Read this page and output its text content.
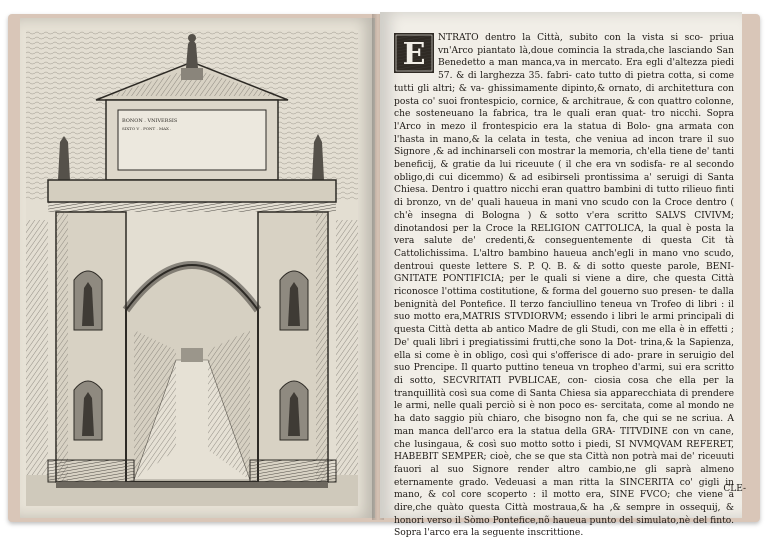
BONON . VNIVERSIS
SIXTO V . PONT . MAX .
E	NTRATO dentro la Città, subito con la vista si sco- priua vn'Arco piantato là,doue comincia la strada,che lasciando San Benedetto a man manca,va in mercato. Era egli d'altezza piedi 57. & di larghezza 35. fabri- cato tutto di pietra cotta, si come tutti gli altri; & va- ghissimamente dipinto,& ornato, di architettura con posta co' suoi frontespicio, cornice, & architraue, & con quattro colonne, che sosteneuano la fabrica, tra le quali eran quat- tro nicchi. Sopra l'Arco in mezo il frontespicio era la statua di Bolo- gna armata con l'hasta in mano,& la celata in testa, che veniua ad incon trare il suo Signore ,& ad inchinarseli con mostrar la memoria, ch'ella tiene de' tanti beneficij, & gratie da lui riceuute ( il che era vn sodisfa- re al secondo obligo,di cui dicemmo) & ad esibirseli prontissima a' seruigi di Santa Chiesa. Dentro i quattro nicchi eran quattro bambini di tutto rilieuo finti di bronzo, vn de' quali haueua in mani vno scudo con la Croce dentro ( ch'è insegna di Bologna ) & sotto v'era scritto SALVS CIVIVM; dinotandosi per la Croce la RELIGION CATTOLICA, la qual è posta la vera salute de' credenti,& conseguentemente di questa Cit tà Cattolichissima. L'altro bambino haueua anch'egli in mano vno scudo, dentroui queste lettere S. P. Q. B. & di sotto queste parole, BENI- GNITATE PONTIFICIA; per le quali si viene a dire, che questa Città riconosce l'ottima costitutione, & forma del gouerno suo presen- te dalla benignità del Pontefice. Il terzo fanciullino teneua vn Trofeo di libri : il suo motto era,MATRIS STVDIORVM; essendo i libri le armi principali di questa Città detta ab antico Madre de gli Studi, con me ella è in effetti ; De' quali libri i pregiatissimi frutti,che sono la Dot- trina,& la Sapienza, ella si come è in obligo, così qui s'offerisce di ado- prare in seruigio del suo Prencipe. Il quarto puttino teneua vn tropheo d'armi, sui era scritto di sotto, SECVRITATI PVBLICAE, con- ciosia cosa che ella per la tranquillità così sua come di Santa Chiesa sia apparecchiata di prendere le armi, nelle quali perciò si è non poco es- sercitata, come al mondo ne ha dato saggio più chiaro, che bisogno non fa, che qui se ne scriua. A man manca dell'arco era la statua della GRA- TITVDINE con vn cane, che lusingaua, & così suo motto sotto i piedi, SI NVMQVAM REFERET, HABEBIT SEMPER; cioè, che se que sta Città non potrà mai de' riceuuti fauori al suo Signore render altro cambio,ne gli saprà almeno eternamente grado. Vedeuasi a man ritta la SINCERITA co' gigli in mano, & col core scoperto : il motto era, SINE FVCO; che viene a dire,che quàto questa Città mostraua,& ha ,& sempre in ossequij, & honori verso il Sòmo Pontefice,nõ haueua punto del simulato,nè del finto. Sopra l'arco era la seguente inscrittione.

CLE-
